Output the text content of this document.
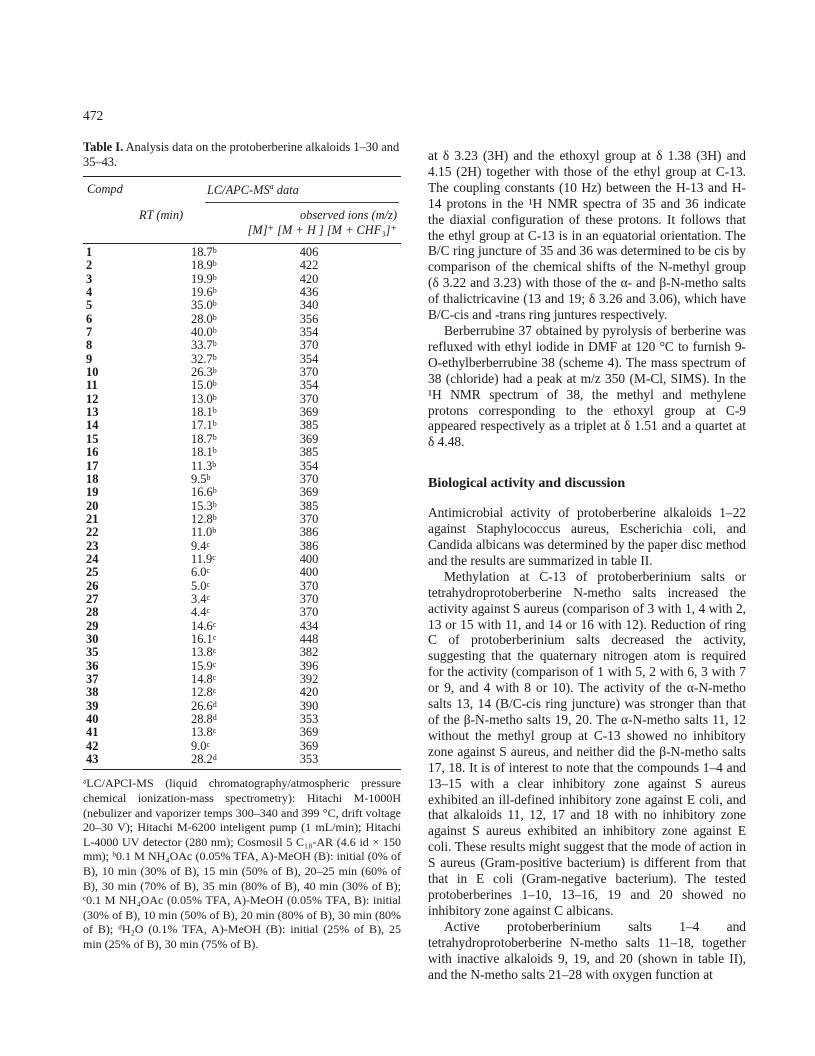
472

Table I. Analysis data on the protoberberine alkaloids 1–30 and 35–43.

Compd	$LC/APC-MS^a$ data
RT (min)	observed ions (m/z)
[M]⁺ [M + H ] [M + CHF₃]⁺
1	18.7$^b$	406
2	18.9$^b$	422
3	19.9$^b$	420
4	19.6$^b$	436
5	35.0$^b$	340
6	28.0$^b$	356
7	40.0$^b$	354
8	33.7$^b$	370
9	32.7$^b$	354
10	26.3$^b$	370
11	15.0$^b$	354
12	13.0$^b$	370
13	18.1$^b$	369
14	17.1$^b$	385
15	18.7$^b$	369
16	18.1$^b$	385
17	11.3$^b$	354
18	9.5$^b$	370
19	16.6$^b$	369
20	15.3$^b$	385
21	12.8$^b$	370
22	11.0$^b$	386
23	9.4$^c$	386
24	11.9$^c$	400
25	6.0$^c$	400
26	5.0$^c$	370
27	3.4$^c$	370
28	4.4$^c$	370
29	14.6$^c$	434
30	16.1$^c$	448
35	13.8$^c$	382
36	15.9$^c$	396
37	14.8$^c$	392
38	12.8$^c$	420
39	26.6$^d$	390
40	28.8$^d$	353
41	13.8$^c$	369
42	9.0$^c$	369
43	28.2$^d$	353
ᵃLC/APCI-MS (liquid chromatography/atmospheric pressure chemical ionization-mass spectrometry): Hitachi M-1000H (nebulizer and vaporizer temps 300–340 and 399 °C, drift voltage 20–30 V); Hitachi M-6200 inteligent pump (1 mL/min); Hitachi L-4000 UV detector (280 nm); Cosmosil 5 C₁₈-AR (4.6 id × 150 mm); ᵇ0.1 M NH₄OAc (0.05% TFA, A)-MeOH (B): initial (0% of B), 10 min (30% of B), 15 min (50% of B), 20–25 min (60% of B), 30 min (70% of B), 35 min (80% of B), 40 min (30% of B); ᶜ0.1 M NH₄OAc (0.05% TFA, A)-MeOH (0.05% TFA, B): initial (30% of B), 10 min (50% of B), 20 min (80% of B), 30 min (80% of B); ᵈH₂O (0.1% TFA, A)-MeOH (B): initial (25% of B), 25 min (25% of B), 30 min (75% of B).

at δ 3.23 (3H) and the ethoxyl group at δ 1.38 (3H) and 4.15 (2H) together with those of the ethyl group at C-13. The coupling constants (10 Hz) between the H-13 and H-14 protons in the ¹H NMR spectra of 35 and 36 indicate the diaxial configuration of these protons. It follows that the ethyl group at C-13 is in an equatorial orientation. The B/C ring juncture of 35 and 36 was determined to be cis by comparison of the chemical shifts of the N-methyl group (δ 3.22 and 3.23) with those of the α- and β-N-metho salts of thalictricavine (13 and 19; δ 3.26 and 3.06), which have B/C-cis and -trans ring juntures respectively.

Berberrubine 37 obtained by pyrolysis of berberine was refluxed with ethyl iodide in DMF at 120 °C to furnish 9-O-ethylberberrubine 38 (scheme 4). The mass spectrum of 38 (chloride) had a peak at m/z 350 (M-Cl, SIMS). In the ¹H NMR spectrum of 38, the methyl and methylene protons corresponding to the ethoxyl group at C-9 appeared respectively as a triplet at δ 1.51 and a quartet at δ 4.48.

Biological activity and discussion

Antimicrobial activity of protoberberine alkaloids 1–22 against Staphylococcus aureus, Escherichia coli, and Candida albicans was determined by the paper disc method and the results are summarized in table II.

Methylation at C-13 of protoberberinium salts or tetrahydroprotoberberine N-metho salts increased the activity against S aureus (comparison of 3 with 1, 4 with 2, 13 or 15 with 11, and 14 or 16 with 12). Reduction of ring C of protoberberinium salts decreased the activity, suggesting that the quaternary nitrogen atom is required for the activity (comparison of 1 with 5, 2 with 6, 3 with 7 or 9, and 4 with 8 or 10). The activity of the α-N-metho salts 13, 14 (B/C-cis ring juncture) was stronger than that of the β-N-metho salts 19, 20. The α-N-metho salts 11, 12 without the methyl group at C-13 showed no inhibitory zone against S aureus, and neither did the β-N-metho salts 17, 18. It is of interest to note that the compounds 1–4 and 13–15 with a clear inhibitory zone against S aureus exhibited an ill-defined inhibitory zone against E coli, and that alkaloids 11, 12, 17 and 18 with no inhibitory zone against S aureus exhibited an inhibitory zone against E coli. These results might suggest that the mode of action in S aureus (Gram-positive bacterium) is different from that that in E coli (Gram-negative bacterium). The tested protoberberines 1–10, 13–16, 19 and 20 showed no inhibitory zone against C albicans.

Active protoberberinium salts 1–4 and tetrahydroprotoberberine N-metho salts 11–18, together with inactive alkaloids 9, 19, and 20 (shown in table II), and the N-metho salts 21–28 with oxygen function at
